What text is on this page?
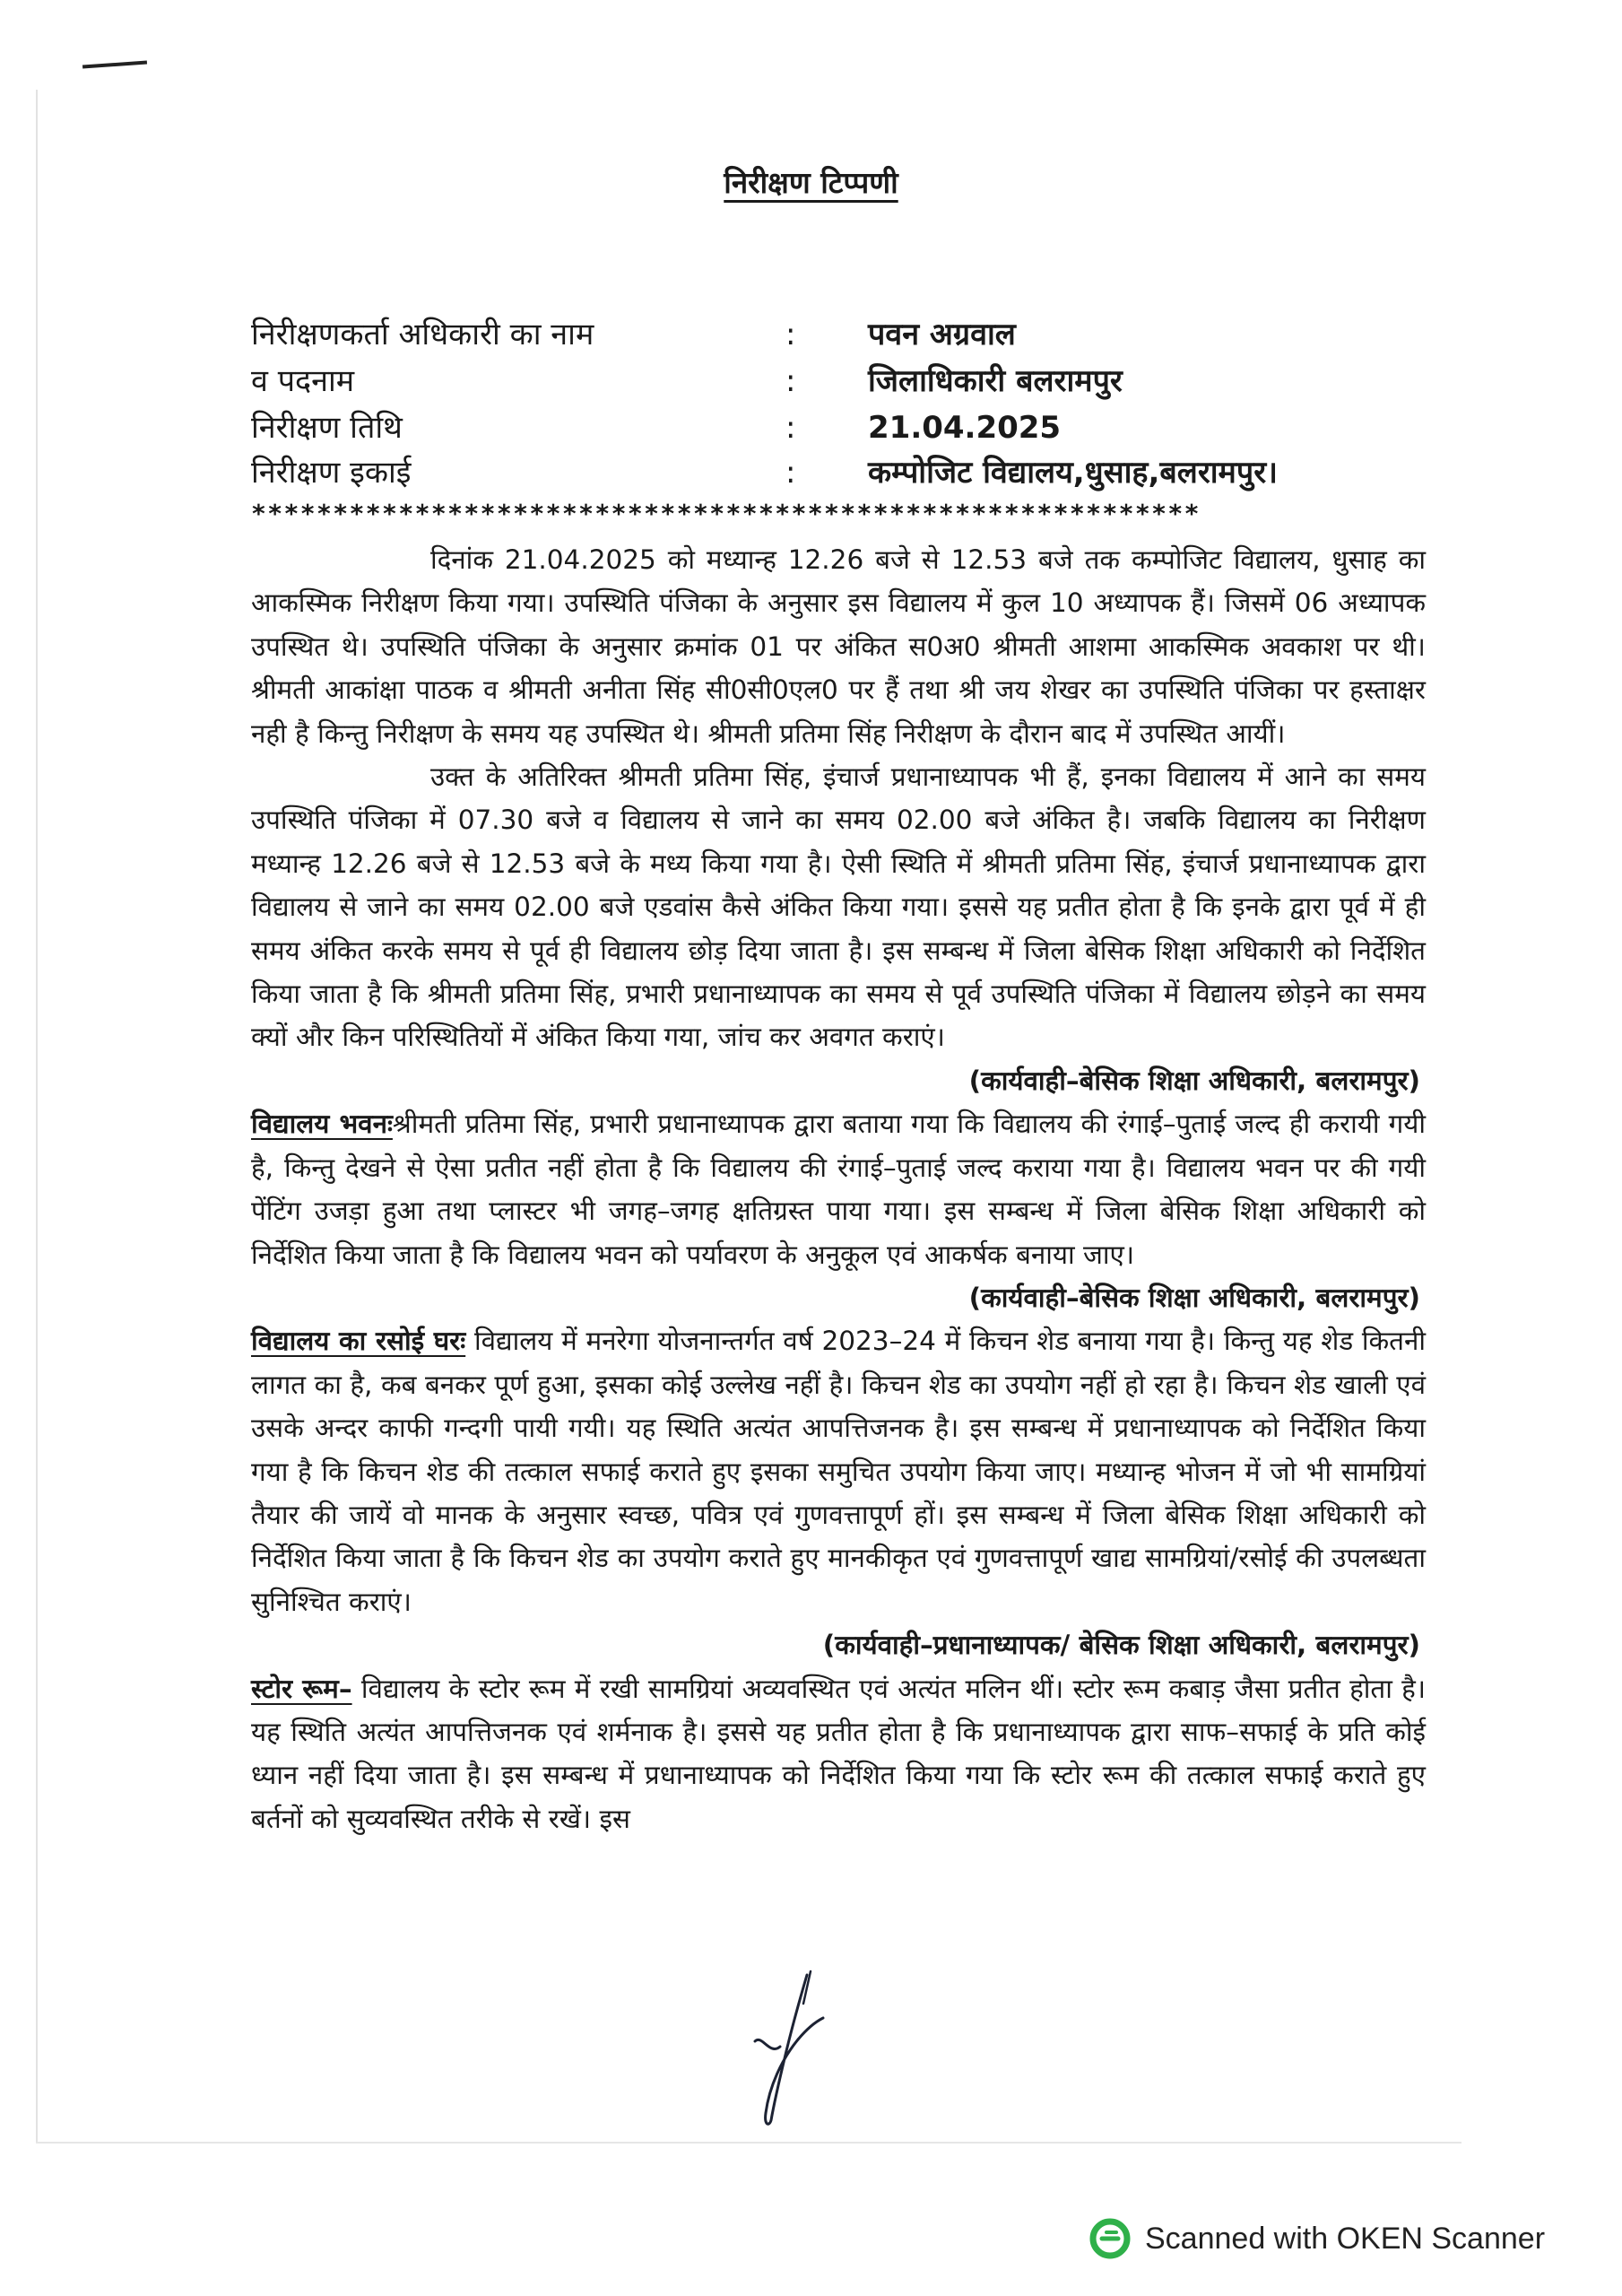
निरीक्षण टिप्पणी
निरीक्षणकर्ता अधिकारी का नाम	: पवन अग्रवाल
व पदनाम	: जिलाधिकारी बलरामपुर
निरीक्षण तिथि	: 21.04.2025
निरीक्षण इकाई	: कम्पोजिट विद्यालय,धुसाह,बलरामपुर।
**********************************************************

दिनांक 21.04.2025 को मध्यान्ह 12.26 बजे से 12.53 बजे तक कम्पोजिट विद्यालय, धुसाह का आकस्मिक निरीक्षण किया गया। उपस्थिति पंजिका के अनुसार इस विद्यालय में कुल 10 अध्यापक हैं। जिसमें 06 अध्यापक उपस्थित थे। उपस्थिति पंजिका के अनुसार क्रमांक 01 पर अंकित स0अ0 श्रीमती आशमा आकस्मिक अवकाश पर थी। श्रीमती आकांक्षा पाठक व श्रीमती अनीता सिंह सी0सी0एल0 पर हैं तथा श्री जय शेखर का उपस्थिति पंजिका पर हस्ताक्षर नही है किन्तु निरीक्षण के समय यह उपस्थित थे। श्रीमती प्रतिमा सिंह निरीक्षण के दौरान बाद में उपस्थित आयीं।

उक्त के अतिरिक्त श्रीमती प्रतिमा सिंह, इंचार्ज प्रधानाध्यापक भी हैं, इनका विद्यालय में आने का समय उपस्थिति पंजिका में 07.30 बजे व विद्यालय से जाने का समय 02.00 बजे अंकित है। जबकि विद्यालय का निरीक्षण मध्यान्ह 12.26 बजे से 12.53 बजे के मध्य किया गया है। ऐसी स्थिति में श्रीमती प्रतिमा सिंह, इंचार्ज प्रधानाध्यापक द्वारा विद्यालय से जाने का समय 02.00 बजे एडवांस कैसे अंकित किया गया। इससे यह प्रतीत होता है कि इनके द्वारा पूर्व में ही समय अंकित करके समय से पूर्व ही विद्यालय छोड़ दिया जाता है। इस सम्बन्ध में जिला बेसिक शिक्षा अधिकारी को निर्देशित किया जाता है कि श्रीमती प्रतिमा सिंह, प्रभारी प्रधानाध्यापक का समय से पूर्व उपस्थिति पंजिका में विद्यालय छोड़ने का समय क्यों और किन परिस्थितियों में अंकित किया गया, जांच कर अवगत कराएं।

(कार्यवाही–बेसिक शिक्षा अधिकारी, बलरामपुर)

विद्यालय भवनःश्रीमती प्रतिमा सिंह, प्रभारी प्रधानाध्यापक द्वारा बताया गया कि विद्यालय की रंगाई–पुताई जल्द ही करायी गयी है, किन्तु देखने से ऐसा प्रतीत नहीं होता है कि विद्यालय की रंगाई–पुताई जल्द कराया गया है। विद्यालय भवन पर की गयी पेंटिंग उजड़ा हुआ तथा प्लास्टर भी जगह–जगह क्षतिग्रस्त पाया गया। इस सम्बन्ध में जिला बेसिक शिक्षा अधिकारी को निर्देशित किया जाता है कि विद्यालय भवन को पर्यावरण के अनुकूल एवं आकर्षक बनाया जाए।

(कार्यवाही–बेसिक शिक्षा अधिकारी, बलरामपुर)

विद्यालय का रसोई घरः विद्यालय में मनरेगा योजनान्तर्गत वर्ष 2023–24 में किचन शेड बनाया गया है। किन्तु यह शेड कितनी लागत का है, कब बनकर पूर्ण हुआ, इसका कोई उल्लेख नहीं है। किचन शेड का उपयोग नहीं हो रहा है। किचन शेड खाली एवं उसके अन्दर काफी गन्दगी पायी गयी। यह स्थिति अत्यंत आपत्तिजनक है। इस सम्बन्ध में प्रधानाध्यापक को निर्देशित किया गया है कि किचन शेड की तत्काल सफाई कराते हुए इसका समुचित उपयोग किया जाए। मध्यान्ह भोजन में जो भी सामग्रियां तैयार की जायें वो मानक के अनुसार स्वच्छ, पवित्र एवं गुणवत्तापूर्ण हों। इस सम्बन्ध में जिला बेसिक शिक्षा अधिकारी को निर्देशित किया जाता है कि किचन शेड का उपयोग कराते हुए मानकीकृत एवं गुणवत्तापूर्ण खाद्य सामग्रियां/रसोई की उपलब्धता सुनिश्चित कराएं।

(कार्यवाही–प्रधानाध्यापक/ बेसिक शिक्षा अधिकारी, बलरामपुर)

स्टोर रूम– विद्यालय के स्टोर रूम में रखी सामग्रियां अव्यवस्थित एवं अत्यंत मलिन थीं। स्टोर रूम कबाड़ जैसा प्रतीत होता है। यह स्थिति अत्यंत आपत्तिजनक एवं शर्मनाक है। इससे यह प्रतीत होता है कि प्रधानाध्यापक द्वारा साफ–सफाई के प्रति कोई ध्यान नहीं दिया जाता है। इस सम्बन्ध में प्रधानाध्यापक को निर्देशित किया गया कि स्टोर रूम की तत्काल सफाई कराते हुए बर्तनों को सुव्यवस्थित तरीके से रखें। इस

Scanned with OKEN Scanner
